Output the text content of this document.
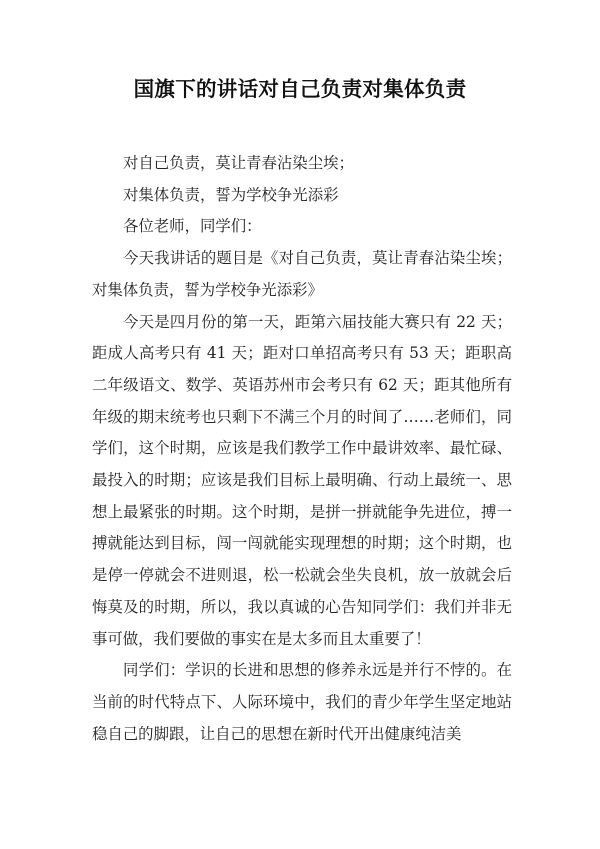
国旗下的讲话对自己负责对集体负责

对自己负责，莫让青春沾染尘埃；

对集体负责，誓为学校争光添彩

各位老师，同学们：

今天我讲话的题目是《对自己负责，莫让青春沾染尘埃；对集体负责，誓为学校争光添彩》

今天是四月份的第一天，距第六届技能大赛只有 22 天；距成人高考只有 41 天；距对口单招高考只有 53 天；距职高二年级语文、数学、英语苏州市会考只有 62 天；距其他所有年级的期末统考也只剩下不满三个月的时间了……老师们，同学们，这个时期，应该是我们教学工作中最讲效率、最忙碌、最投入的时期；应该是我们目标上最明确、行动上最统一、思想上最紧张的时期。这个时期，是拼一拼就能争先进位，搏一搏就能达到目标，闯一闯就能实现理想的时期；这个时期，也是停一停就会不进则退，松一松就会坐失良机，放一放就会后悔莫及的时期，所以，我以真诚的心告知同学们：我们并非无事可做，我们要做的事实在是太多而且太重要了！

同学们：学识的长进和思想的修养永远是并行不悖的。在当前的时代特点下、人际环境中，我们的青少年学生坚定地站稳自己的脚跟，让自己的思想在新时代开出健康纯洁美
